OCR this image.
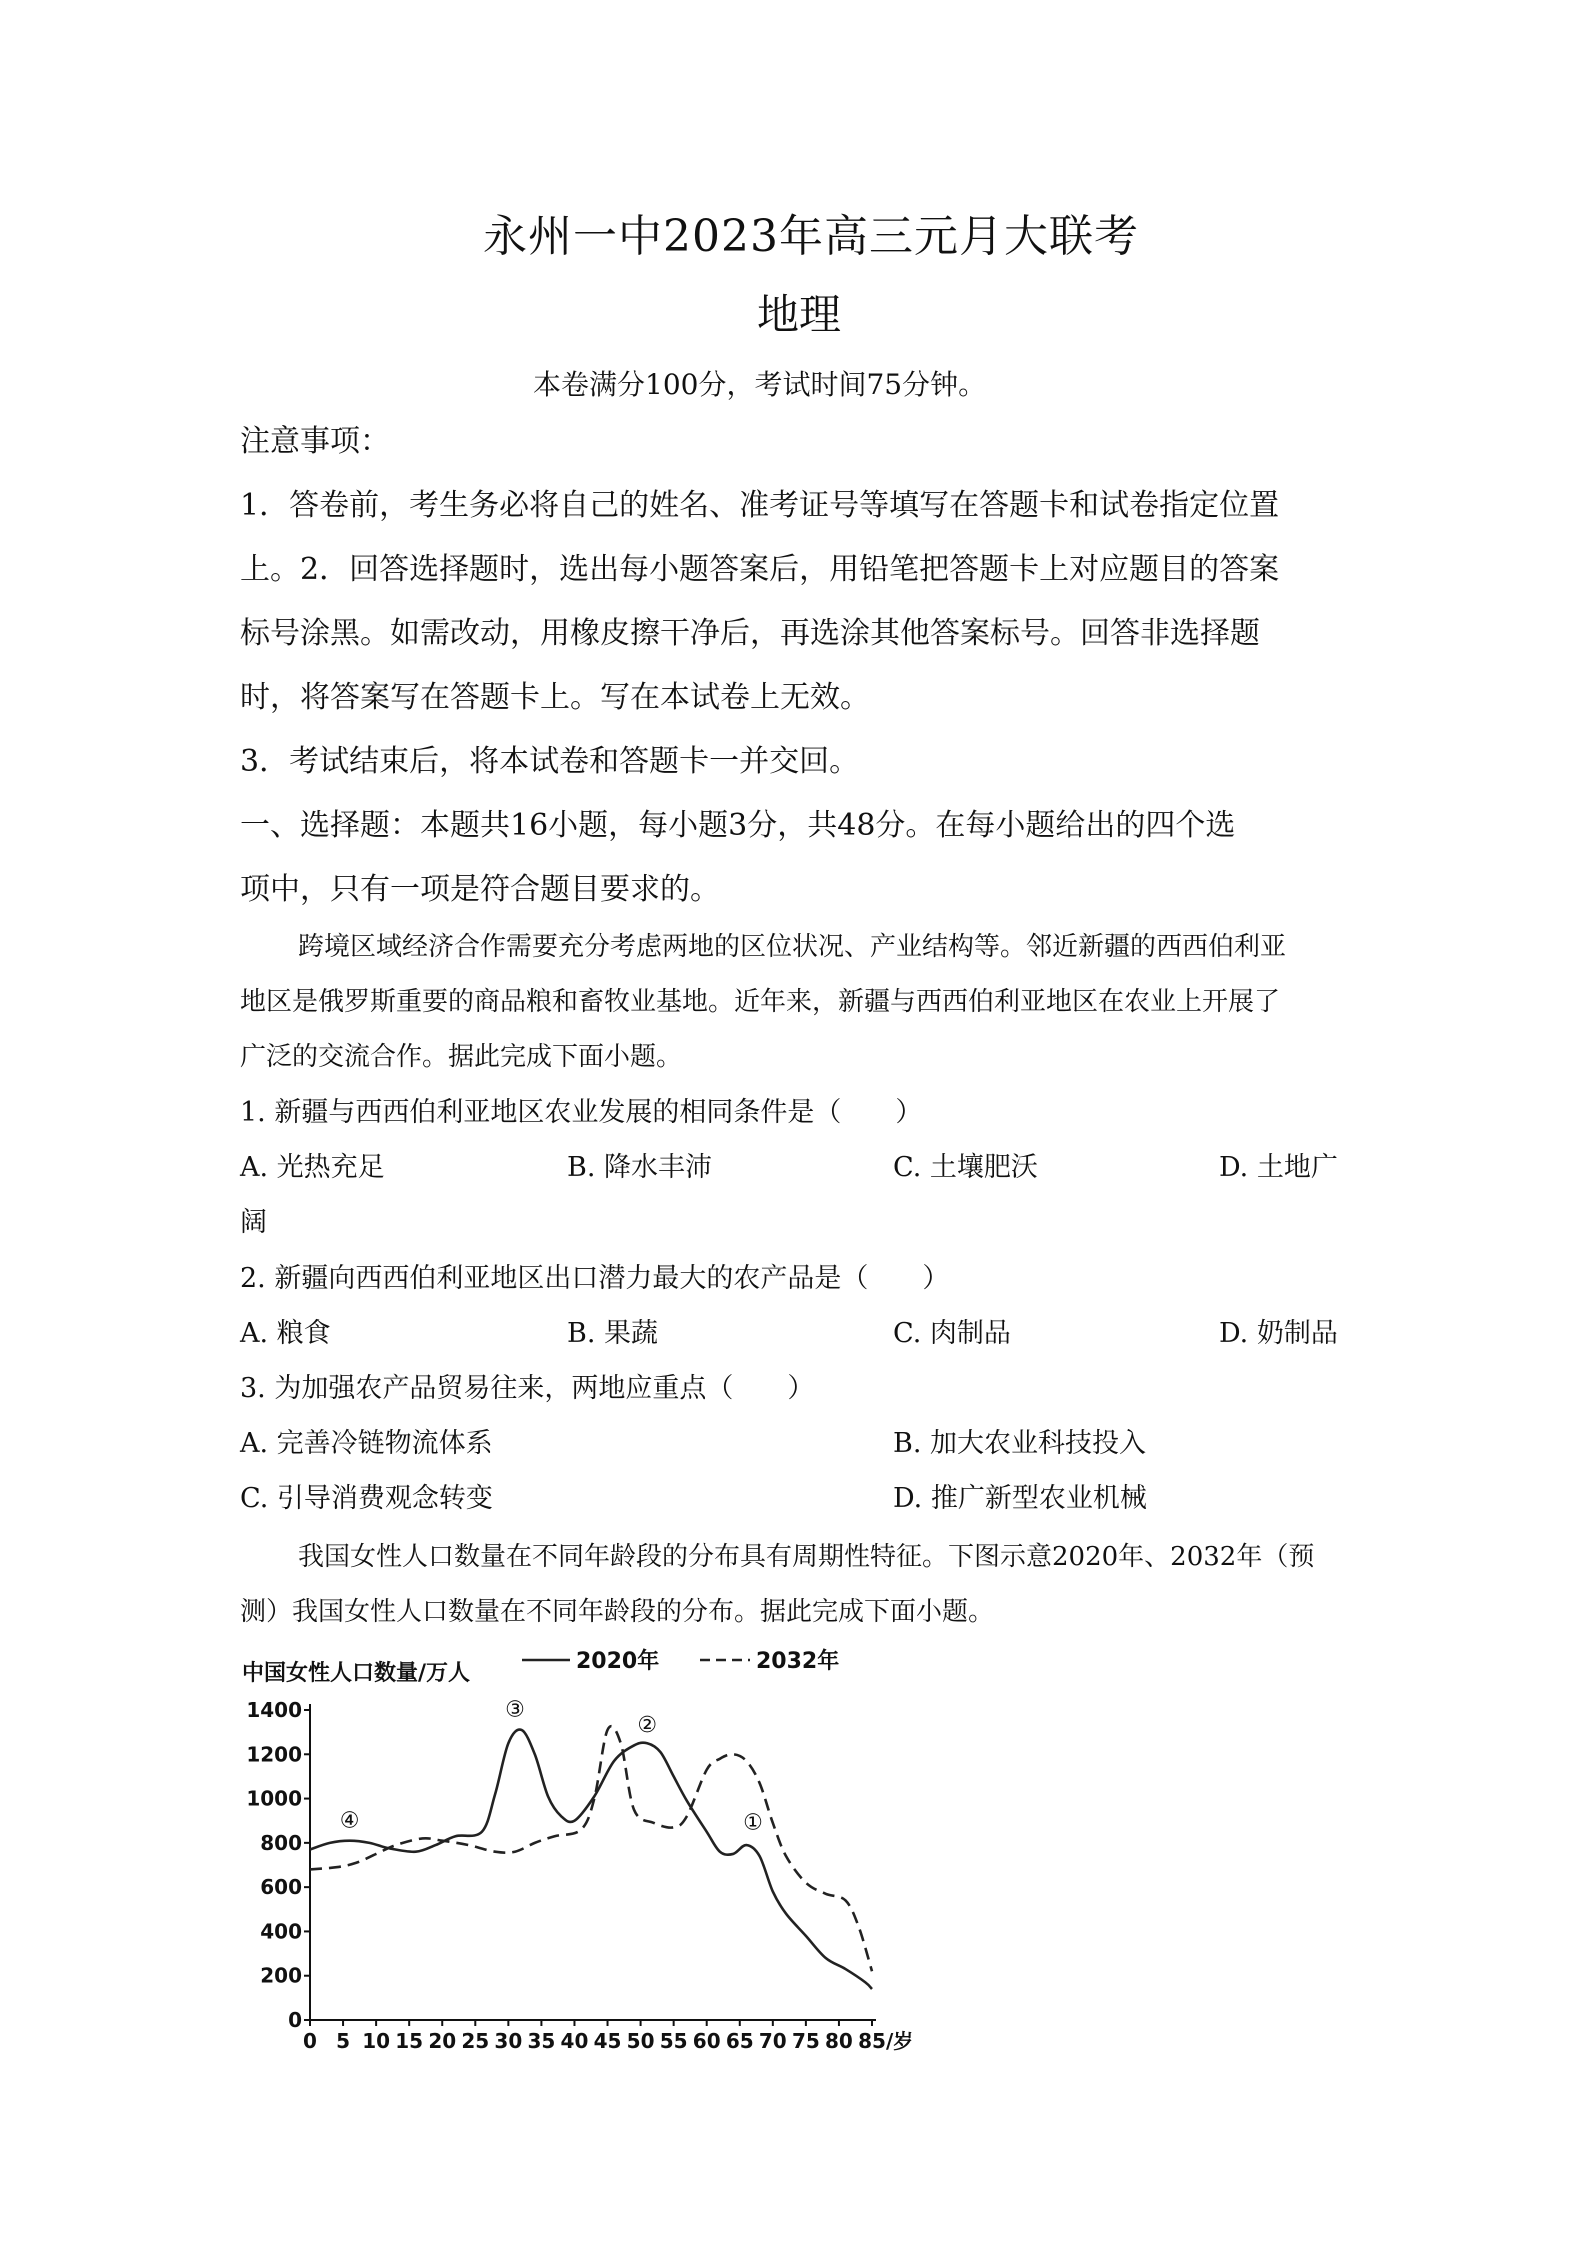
永州一中2023年高三元月大联考
地理
本卷满分100分，考试时间75分钟。
注意事项：
1．答卷前，考生务必将自己的姓名、准考证号等填写在答题卡和试卷指定位置
上。2．回答选择题时，选出每小题答案后，用铅笔把答题卡上对应题目的答案
标号涂黑。如需改动，用橡皮擦干净后，再选涂其他答案标号。回答非选择题
时，将答案写在答题卡上。写在本试卷上无效。
3．考试结束后，将本试卷和答题卡一并交回。
一、选择题：本题共16小题，每小题3分，共48分。在每小题给出的四个选
项中，只有一项是符合题目要求的。
跨境区域经济合作需要充分考虑两地的区位状况、产业结构等。邻近新疆的西西伯利亚
地区是俄罗斯重要的商品粮和畜牧业基地。近年来，新疆与西西伯利亚地区在农业上开展了
广泛的交流合作。据此完成下面小题。
1. 新疆与西西伯利亚地区农业发展的相同条件是（　　）
A. 光热充足	B. 降水丰沛	C. 土壤肥沃	D. 土地广
阔
2. 新疆向西西伯利亚地区出口潜力最大的农产品是（　　）
A. 粮食	B. 果蔬	C. 肉制品	D. 奶制品
3. 为加强农产品贸易往来，两地应重点（　　）
A. 完善冷链物流体系	B. 加大农业科技投入
C. 引导消费观念转变	D. 推广新型农业机械
我国女性人口数量在不同年龄段的分布具有周期性特征。下图示意2020年、2032年（预
测）我国女性人口数量在不同年龄段的分布。据此完成下面小题。
中国女性人口数量/万人
0
200
400
600
800
1000
1200
1400
0 5 10 15 20 25 30 35 40 45 50 55 60 65 70 75 80 85 /岁
2020年	2032年
①
②
③
④
